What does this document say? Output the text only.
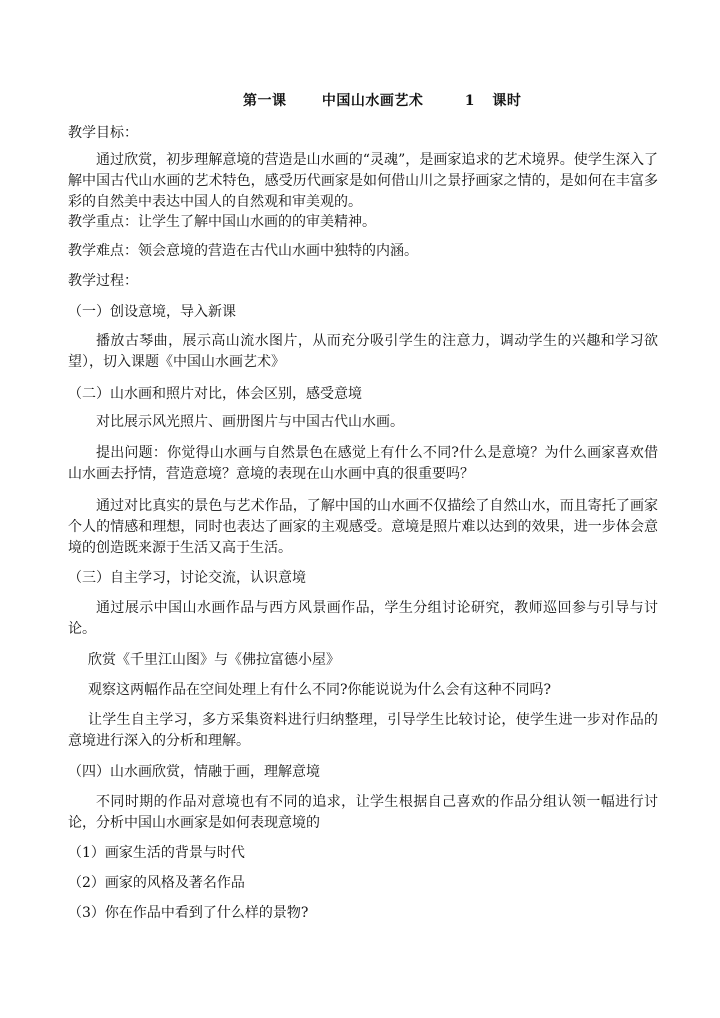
第一课	中国山水画艺术	1 课时
教学目标：
通过欣赏，初步理解意境的营造是山水画的“灵魂”，是画家追求的艺术境界。使学生深入了解中国古代山水画的艺术特色，感受历代画家是如何借山川之景抒画家之情的，是如何在丰富多彩的自然美中表达中国人的自然观和审美观的。
教学重点：让学生了解中国山水画的的审美精神。
教学难点：领会意境的营造在古代山水画中独特的内涵。
教学过程：
（一）创设意境，导入新课
播放古琴曲，展示高山流水图片，从而充分吸引学生的注意力，调动学生的兴趣和学习欲望），切入课题《中国山水画艺术》
（二）山水画和照片对比，体会区别，感受意境
对比展示风光照片、画册图片与中国古代山水画。
提出问题：你觉得山水画与自然景色在感觉上有什么不同?什么是意境？为什么画家喜欢借山水画去抒情，营造意境？意境的表现在山水画中真的很重要吗？
通过对比真实的景色与艺术作品，了解中国的山水画不仅描绘了自然山水，而且寄托了画家个人的情感和理想，同时也表达了画家的主观感受。意境是照片难以达到的效果，进一步体会意境的创造既来源于生活又高于生活。
（三）自主学习，讨论交流，认识意境
通过展示中国山水画作品与西方风景画作品，学生分组讨论研究，教师巡回参与引导与讨论。
欣赏《千里江山图》与《佛拉富德小屋》
观察这两幅作品在空间处理上有什么不同?你能说说为什么会有这种不同吗?
让学生自主学习，多方采集资料进行归纳整理，引导学生比较讨论，使学生进一步对作品的意境进行深入的分析和理解。
（四）山水画欣赏，情融于画，理解意境
不同时期的作品对意境也有不同的追求，让学生根据自己喜欢的作品分组认领一幅进行讨论，分析中国山水画家是如何表现意境的
（1）画家生活的背景与时代
（2）画家的风格及著名作品
（3）你在作品中看到了什么样的景物?
